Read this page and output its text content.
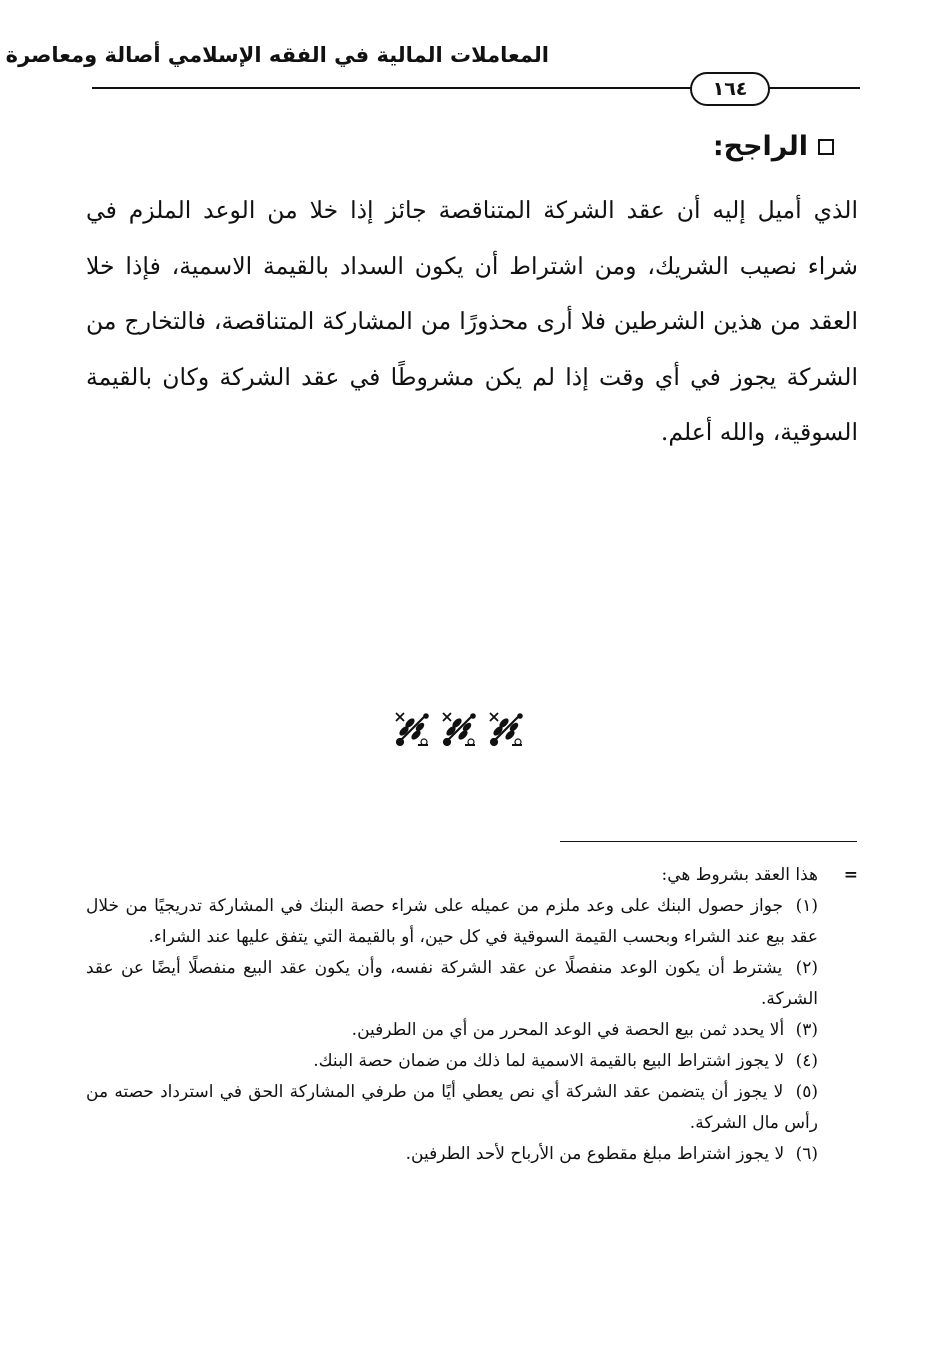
المعاملات المالية في الفقه الإسلامي أصالة ومعاصرة
١٦٤
الراجح:

الذي أميل إليه أن عقد الشركة المتناقصة جائز إذا خلا من الوعد الملزم في شراء نصيب الشريك، ومن اشتراط أن يكون السداد بالقيمة الاسمية، فإذا خلا العقد من هذين الشرطين فلا أرى محذورًا من المشاركة المتناقصة، فالتخارج من الشركة يجوز في أي وقت إذا لم يكن مشروطًا في عقد الشركة وكان بالقيمة السوقية، والله أعلم.

=
هذا العقد بشروط هي:
(١) جواز حصول البنك على وعد ملزم من عميله على شراء حصة البنك في المشاركة تدريجيًا من خلال عقد بيع عند الشراء وبحسب القيمة السوقية في كل حين، أو بالقيمة التي يتفق عليها عند الشراء.
(٢) يشترط أن يكون الوعد منفصلًا عن عقد الشركة نفسه، وأن يكون عقد البيع منفصلًا أيضًا عن عقد الشركة.
(٣) ألا يحدد ثمن بيع الحصة في الوعد المحرر من أي من الطرفين.
(٤) لا يجوز اشتراط البيع بالقيمة الاسمية لما ذلك من ضمان حصة البنك.
(٥) لا يجوز أن يتضمن عقد الشركة أي نص يعطي أيًا من طرفي المشاركة الحق في استرداد حصته من رأس مال الشركة.
(٦) لا يجوز اشتراط مبلغ مقطوع من الأرباح لأحد الطرفين.
